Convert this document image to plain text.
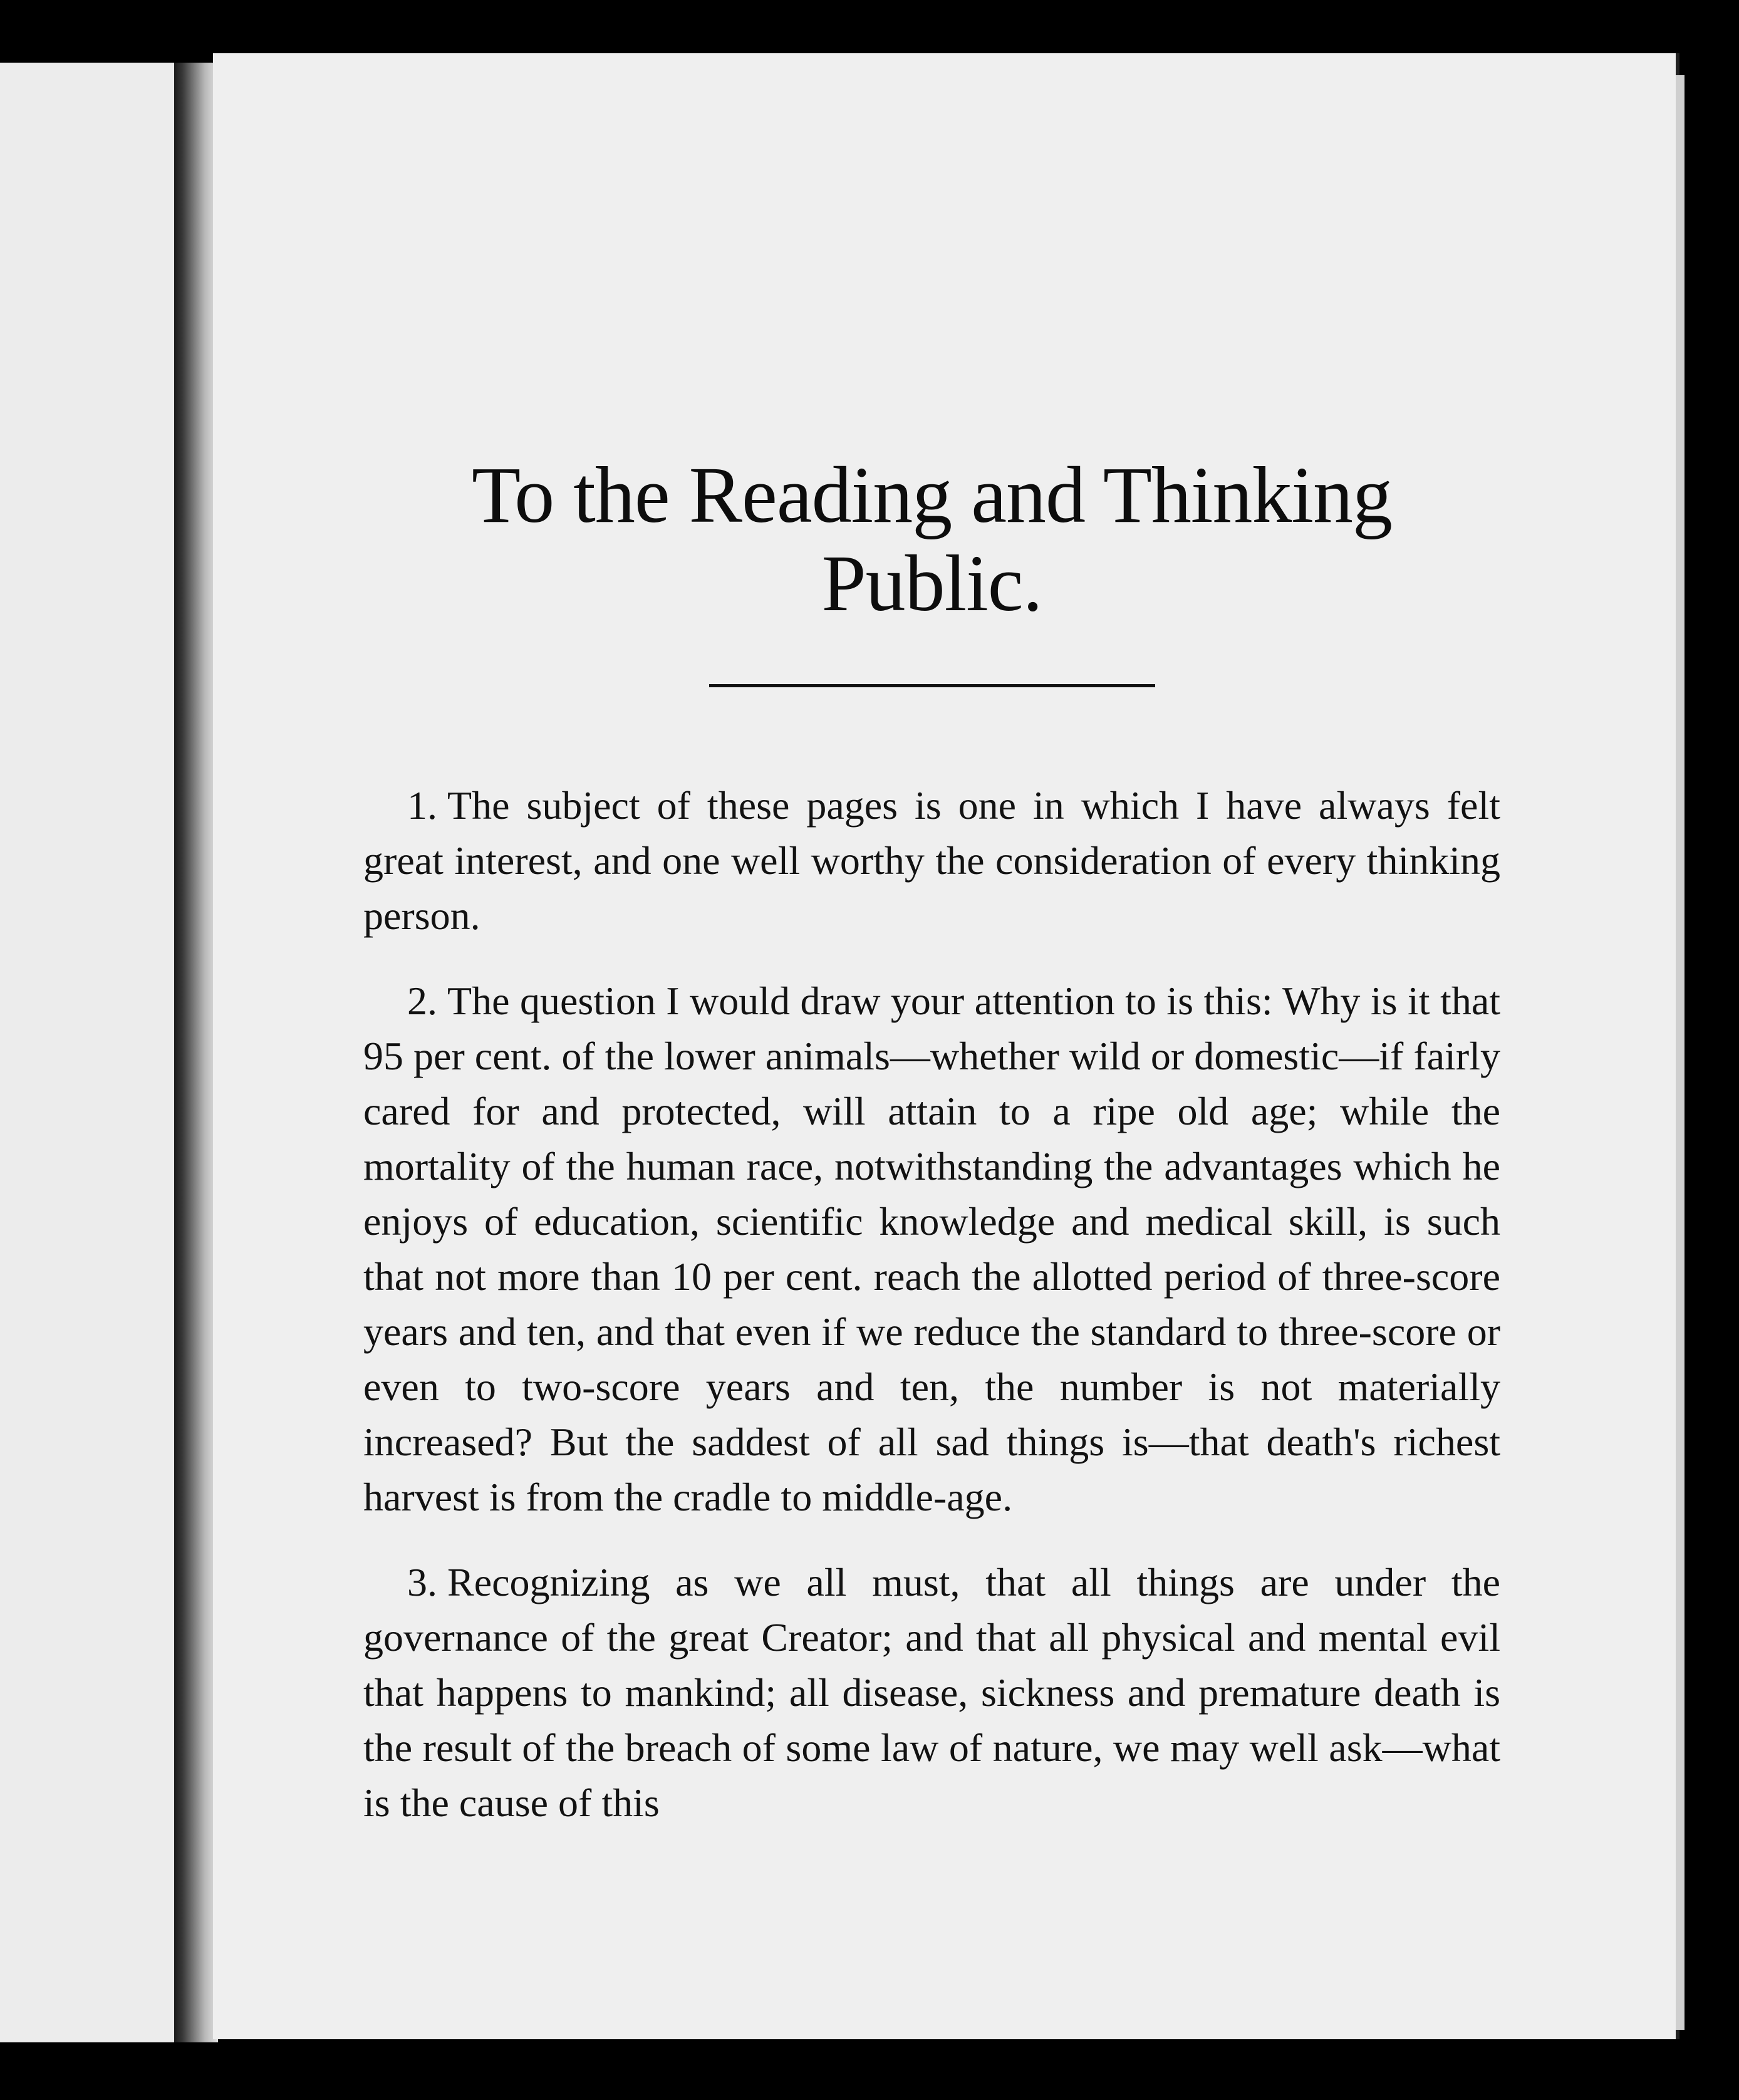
To the Reading and Thinking Public.

1. The subject of these pages is one in which I have always felt great interest, and one well worthy the consideration of every thinking person.

2. The question I would draw your attention to is this: Why is it that 95 per cent. of the lower animals—whether wild or domestic—if fairly cared for and protected, will attain to a ripe old age; while the mortality of the human race, notwithstanding the advantages which he enjoys of education, scientific knowledge and medical skill, is such that not more than 10 per cent. reach the allotted period of three-score years and ten, and that even if we reduce the standard to three-score or even to two-score years and ten, the number is not materially increased? But the saddest of all sad things is—that death's richest harvest is from the cradle to middle-age.

3. Recognizing as we all must, that all things are under the governance of the great Creator; and that all physical and mental evil that happens to mankind; all disease, sickness and premature death is the result of the breach of some law of nature, we may well ask—what is the cause of this
